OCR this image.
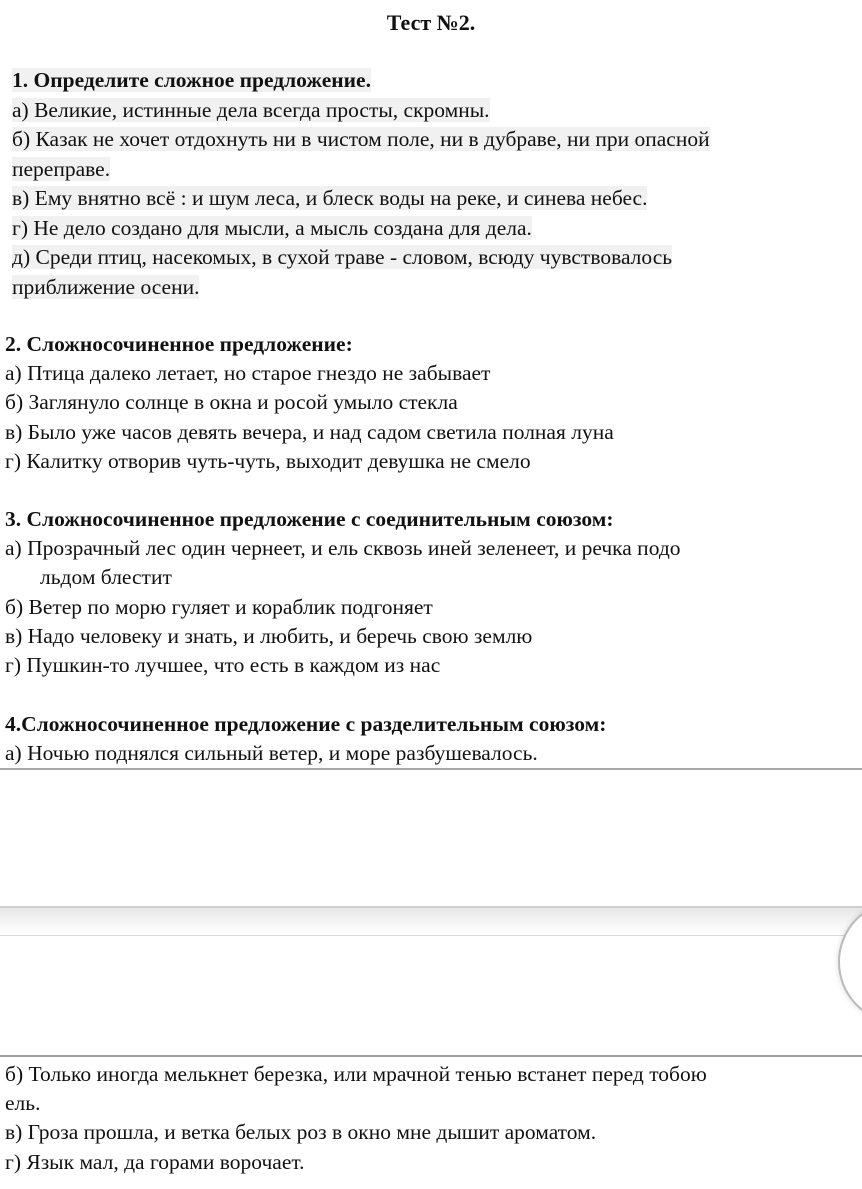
Тест №2.
1. Определите сложное предложение.
а) Великие, истинные дела всегда просты, скромны.
б) Казак не хочет отдохнуть ни в чистом поле, ни в дубраве, ни при опасной
переправе.
в) Ему внятно всё : и шум леса, и блеск воды на реке, и синева небес.
г) Не дело создано для мысли, а мысль создана для дела.
д) Среди птиц, насекомых, в сухой траве - словом, всюду чувствовалось
приближение осени.
2. Сложносочиненное предложение:
а) Птица далеко летает, но старое гнездо не забывает
б) Заглянуло солнце в окна и росой умыло стекла
в) Было уже часов девять вечера, и над садом светила полная луна
г) Калитку отворив чуть-чуть, выходит девушка не смело
3. Сложносочиненное предложение с соединительным союзом:
а) Прозрачный лес один чернеет, и ель сквозь иней зеленеет, и речка подо
льдом блестит
б) Ветер по морю гуляет и кораблик подгоняет
в) Надо человеку и знать, и любить, и беречь свою землю
г) Пушкин-то лучшее, что есть в каждом из нас
4.Сложносочиненное предложение с разделительным союзом:
а) Ночью поднялся сильный ветер, и море разбушевалось.
б) Только иногда мелькнет березка, или мрачной тенью встанет перед тобою
ель.
в) Гроза прошла, и ветка белых роз в окно мне дышит ароматом.
г) Язык мал, да горами ворочает.
